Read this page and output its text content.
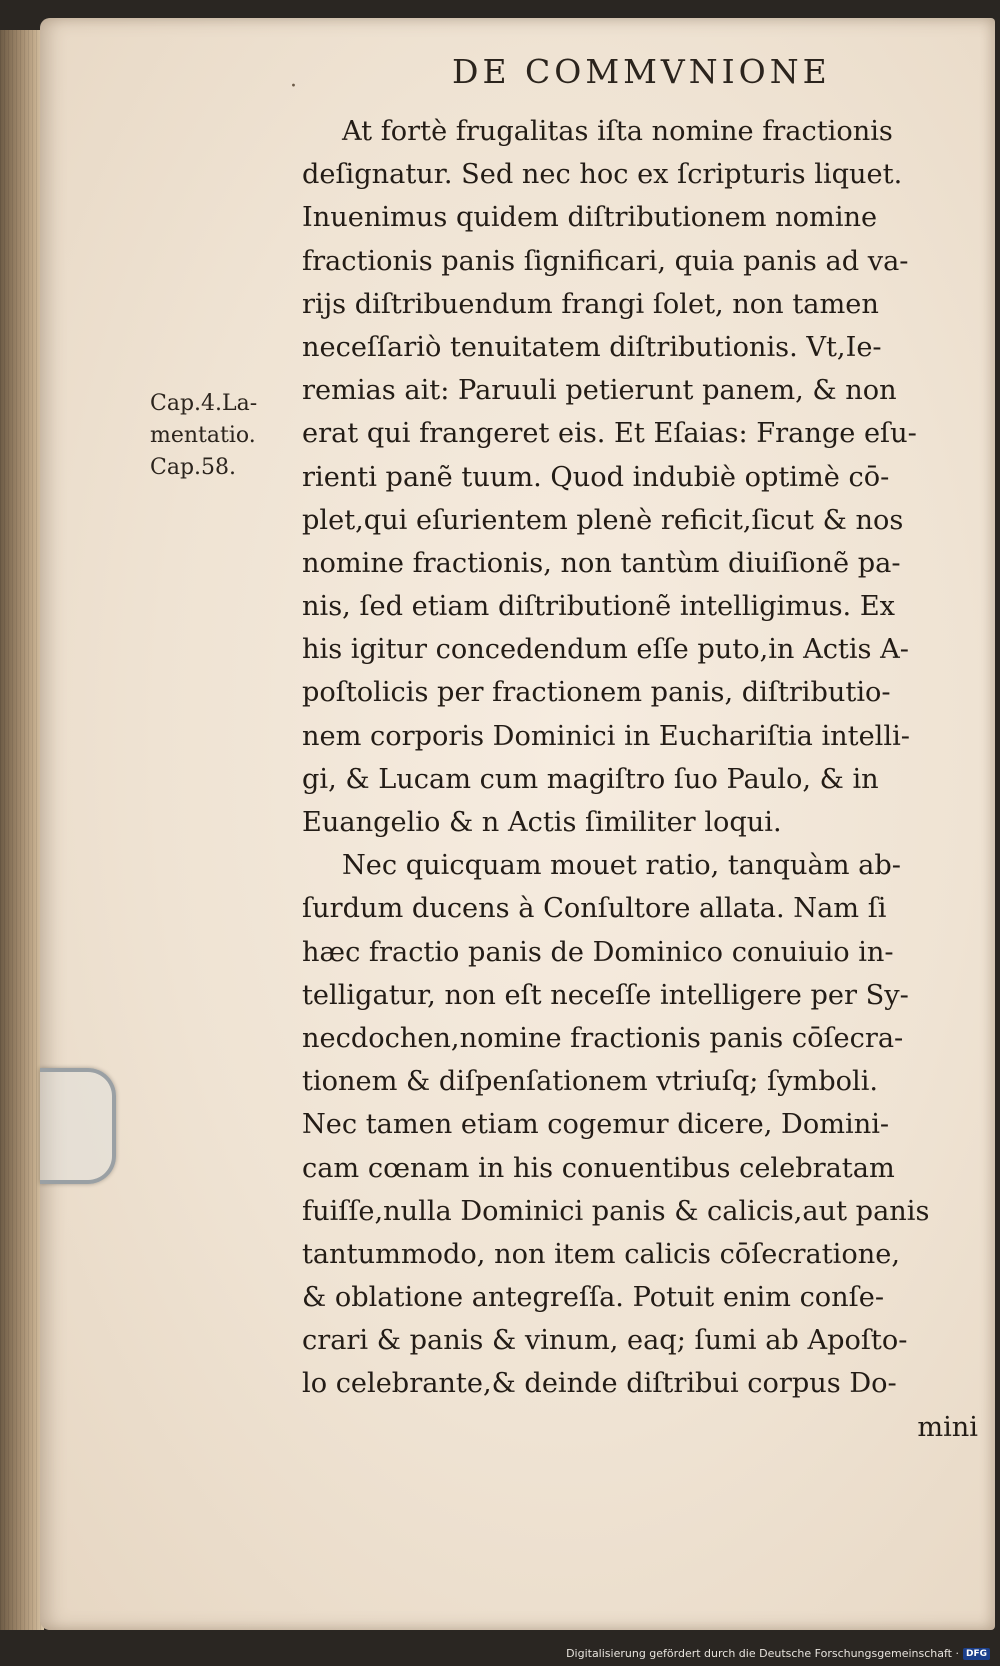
·	DE COMMVNIONE
Cap.4.La-
mentatio.
Cap.58.
At fortè frugalitas iſta nomine fractionis
deſignatur. Sed nec hoc ex ſcripturis liquet.
Inuenimus quidem diſtributionem nomine
fractionis panis ſignificari, quia panis ad va-
rijs diſtribuendum frangi ſolet, non tamen
neceſſariò tenuitatem diſtributionis. Vt,Ie-
remias ait: Paruuli petierunt panem, & non
erat qui frangeret eis. Et Eſaias: Frange eſu-
rienti panẽ tuum. Quod indubiè optimè cō-
plet,qui eſurientem plenè reficit,ſicut & nos
nomine fractionis, non tantùm diuiſionẽ pa-
nis, ſed etiam diſtributionẽ intelligimus. Ex
his igitur concedendum eſſe puto,in Actis A-
poſtolicis per fractionem panis, diſtributio-
nem corporis Dominici in Euchariſtia intelli-
gi, & Lucam cum magiſtro ſuo Paulo, & in
Euangelio & n Actis ſimiliter loqui.
Nec quicquam mouet ratio, tanquàm ab-
ſurdum ducens à Conſultore allata. Nam ſi
hæc fractio panis de Dominico conuiuio in-
telligatur, non eſt neceſſe intelligere per Sy-
necdochen,nomine fractionis panis cōſecra-
tionem & diſpenſationem vtriuſq; ſymboli.
Nec tamen etiam cogemur dicere, Domini-
cam cœnam in his conuentibus celebratam
fuiſſe,nulla Dominici panis & calicis,aut panis
tantummodo, non item calicis cōſecratione,
& oblatione antegreſſa. Potuit enim conſe-
crari & panis & vinum, eaq; ſumi ab Apoſto-
lo celebrante,& deinde diſtribui corpus Do-
mini
Digitalisierung gefördert durch die Deutsche Forschungsgemeinschaft · DFG
